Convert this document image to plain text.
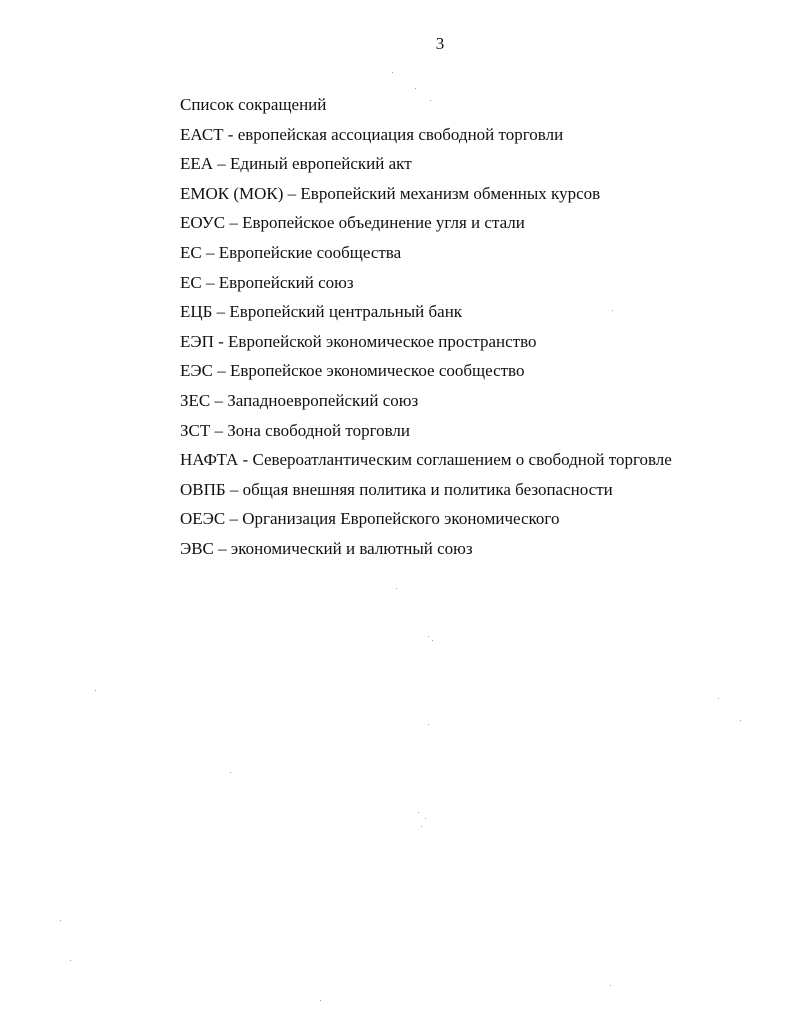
3
Список сокращений
ЕАСТ - европейская ассоциация свободной торговли
ЕЕА – Единый европейский акт
ЕМОК (МОК) – Европейский механизм обменных курсов
ЕОУС – Европейское объединение угля и стали
ЕС – Европейские сообщества
ЕС – Европейский союз
ЕЦБ – Европейский центральный банк
ЕЭП - Европейской экономическое пространство
ЕЭС – Европейское экономическое сообщество
ЗЕС – Западноевропейский союз
ЗСТ – Зона свободной торговли
НАФТА - Североатлантическим соглашением о свободной торговле
ОВПБ – общая внешняя политика и политика безопасности
ОЕЭС – Организация Европейского экономического
ЭВС – экономический и валютный союз
